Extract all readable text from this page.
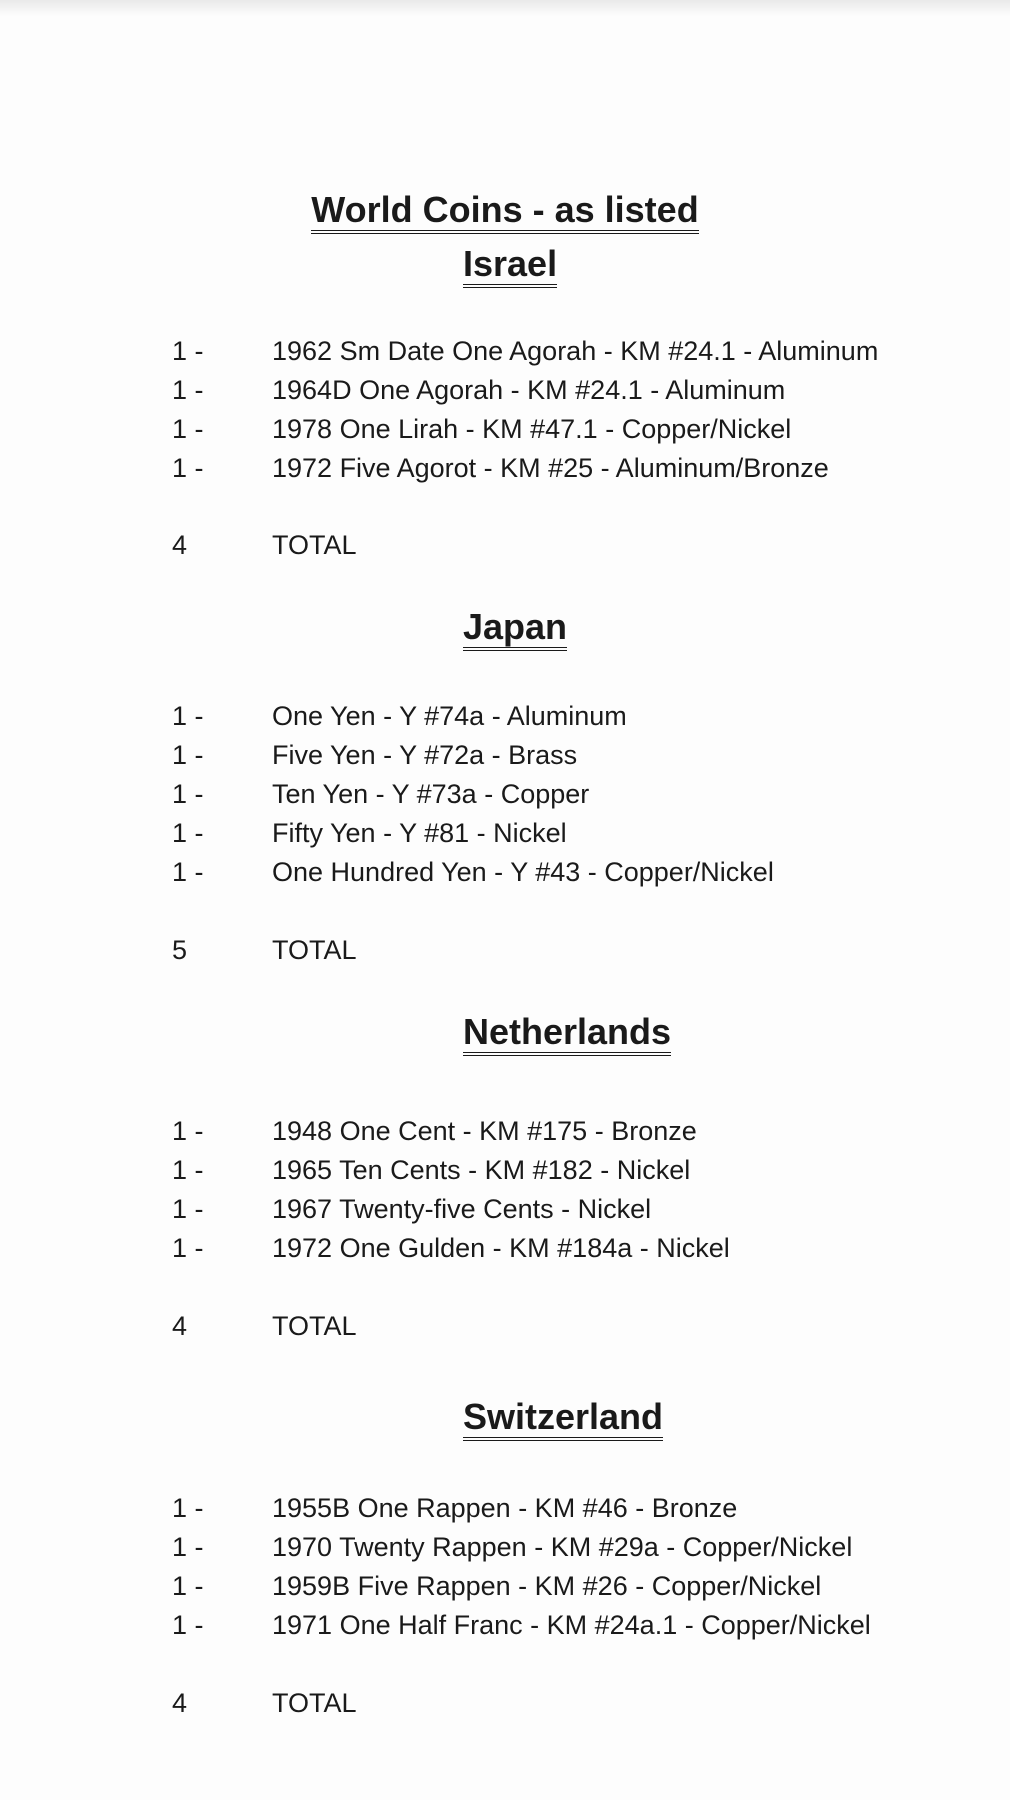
World Coins - as listed
Israel
1 -	1962 Sm Date One Agorah - KM #24.1 - Aluminum
1 -	1964D One Agorah - KM #24.1 - Aluminum
1 -	1978 One Lirah - KM #47.1 - Copper/Nickel
1 -	1972 Five Agorot - KM #25 - Aluminum/Bronze
4	TOTAL
Japan
1 -	One Yen - Y #74a - Aluminum
1 -	Five Yen - Y #72a - Brass
1 -	Ten Yen - Y #73a - Copper
1 -	Fifty Yen - Y #81 - Nickel
1 -	One Hundred Yen - Y #43 - Copper/Nickel
5	TOTAL
Netherlands
1 -	1948 One Cent - KM #175 - Bronze
1 -	1965 Ten Cents - KM #182 - Nickel
1 -	1967 Twenty-five Cents - Nickel
1 -	1972 One Gulden - KM #184a - Nickel
4	TOTAL
Switzerland
1 -	1955B One Rappen - KM #46 - Bronze
1 -	1970 Twenty Rappen - KM #29a - Copper/Nickel
1 -	1959B Five Rappen - KM #26 - Copper/Nickel
1 -	1971 One Half Franc - KM #24a.1 - Copper/Nickel
4	TOTAL
